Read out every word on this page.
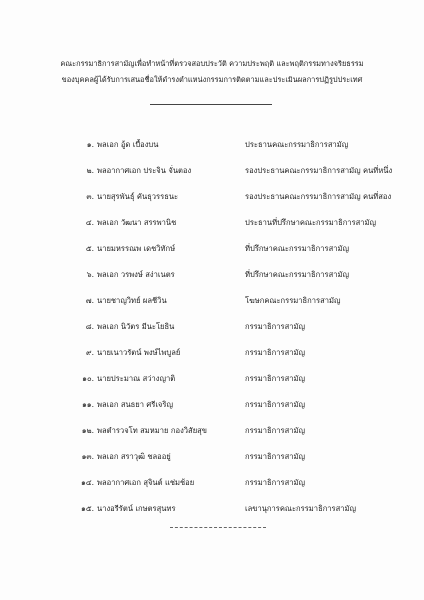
คณะกรรมาธิการสามัญเพื่อทำหน้าที่ตรวจสอบประวัติ ความประพฤติ และพฤติกรรมทางจริยธรรม
ของบุคคลผู้ได้รับการเสนอชื่อให้ดำรงตำแหน่งกรรมการติดตามและประเมินผลการปฏิรูปประเทศ
๑. พลเอก อู้ด เบื้องบน	ประธานคณะกรรมาธิการสามัญ
๒. พลอากาศเอก ประจิน จั่นตอง	รองประธานคณะกรรมาธิการสามัญ คนที่หนึ่ง
๓. นายสุรพันธุ์ คันธุวรรธนะ	รองประธานคณะกรรมาธิการสามัญ คนที่สอง
๔. พลเอก วัฒนา สรรพานิช	ประธานที่ปรึกษาคณะกรรมาธิการสามัญ
๕. นายมหรรณพ เดชวิทักษ์	ที่ปรึกษาคณะกรรมาธิการสามัญ
๖. พลเอก วรพงษ์ สง่าเนตร	ที่ปรึกษาคณะกรรมาธิการสามัญ
๗. นายชาญวิทย์ ผลชีวิน	โฆษกคณะกรรมาธิการสามัญ
๘. พลเอก นิวัตร มีนะโยธิน	กรรมาธิการสามัญ
๙. นายเนาวรัตน์ พงษ์ไพบูลย์	กรรมาธิการสามัญ
๑๐. นายประมาณ สว่างญาติ	กรรมาธิการสามัญ
๑๑. พลเอก สนธยา ศรีเจริญ	กรรมาธิการสามัญ
๑๒. พลตำรวจโท สมหมาย กองวิสัยสุข	กรรมาธิการสามัญ
๑๓. พลเอก สราวุฒิ ชลออยู่	กรรมาธิการสามัญ
๑๔. พลอากาศเอก สุจินต์ แช่มช้อย	กรรมาธิการสามัญ
๑๕. นางอรีรัตน์ เกษตรสุนทร	เลขานุการคณะกรรมาธิการสามัญ
